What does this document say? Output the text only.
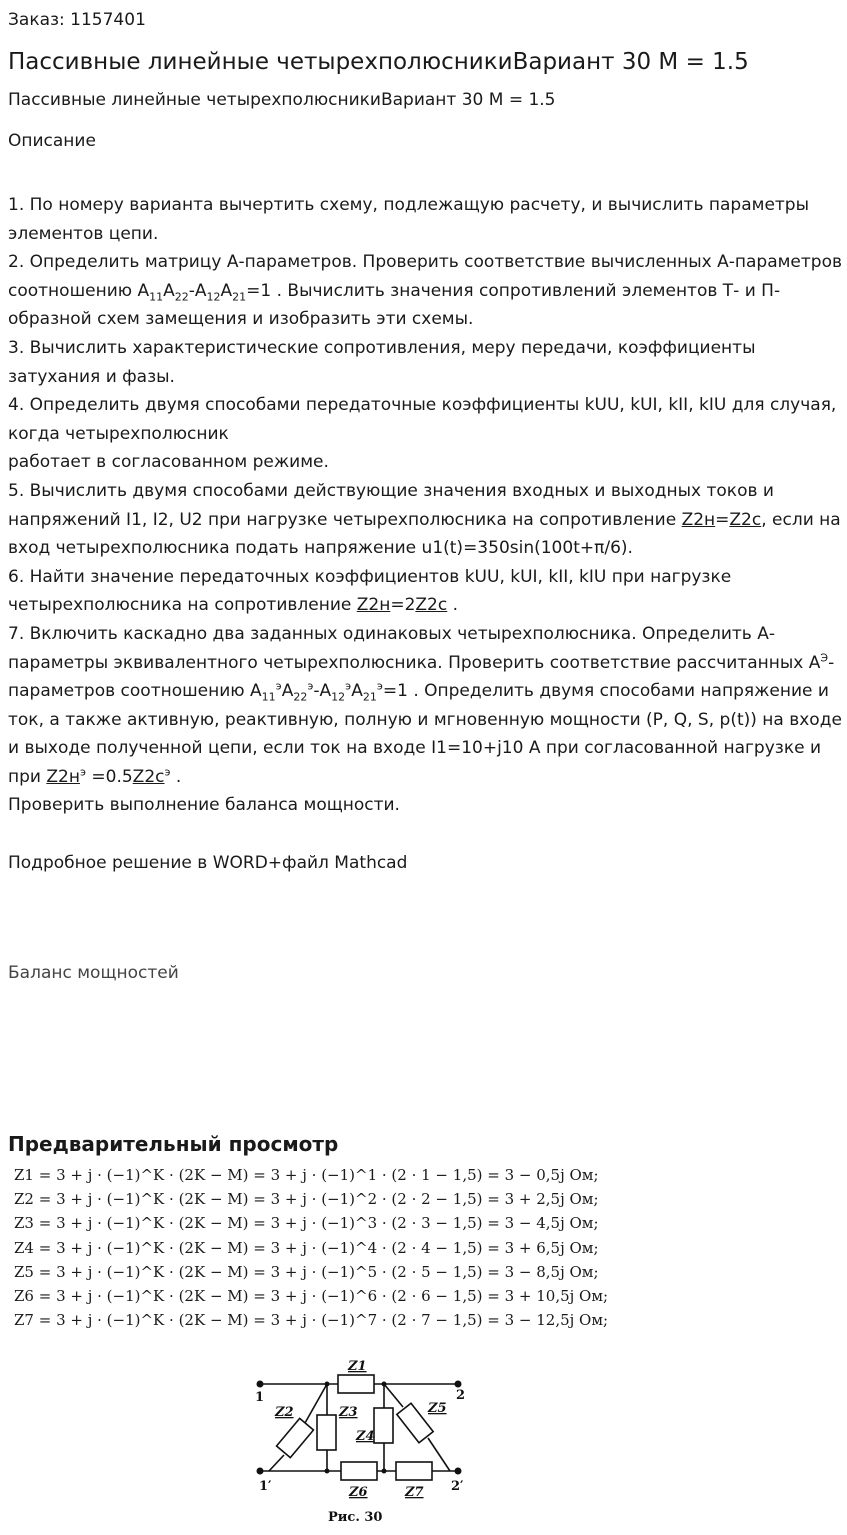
Заказ: 1157401
Пассивные линейные четырехполюсникиВариант 30 М = 1.5
Пассивные линейные четырехполюсникиВариант 30 М = 1.5
Описание

1. По номеру варианта вычертить схему, подлежащую расчету, и вычислить параметры элементов цепи.

2. Определить матрицу А-параметров. Проверить соответствие вычисленных А-параметров соотношению $А_{11}А_{22}-А_{12}А_{21}=1$ . Вычислить значения сопротивлений элементов Т- и П-образной схем замещения и изобразить эти схемы.

3. Вычислить характеристические сопротивления, меру передачи, коэффициенты затухания и фазы.

4. Определить двумя способами передаточные коэффициенты kUU, kUI, kII, kIU для случая, когда четырехполюсник

работает в согласованном режиме.

5. Вычислить двумя способами действующие значения входных и выходных токов и напряжений I1, I2, U2 при нагрузке четырехполюсника на сопротивление Z2н=Z2c, если на вход четырехполюсника подать напряжение u1(t)=350sin(100t+π/6).

6. Найти значение передаточных коэффициентов kUU, kUI, kII, kIU при нагрузке четырехполюсника на сопротивление Z2н=2Z2c .

7. Включить каскадно два заданных одинаковых четырехполюсника. Определить А-параметры эквивалентного четырехполюсника. Проверить соответствие рассчитанных $А^Э$-параметров соотношению $А_{11}^эА_{22}^э-А_{12}^эА_{21}^э=1$ . Определить двумя способами напряжение и ток, а также активную, реактивную, полную и мгновенную мощности (P, Q, S, p(t)) на входе и выходе полученной цепи, если ток на входе I1=10+j10 А при согласованной нагрузке и при $Z2н^э =0.5Z2c^э$ .

Проверить выполнение баланса мощности.

Подробное решение в WORD+файл Mathcad

Баланс мощностей
Предварительный просмотр
Z1 = 3 + j · (−1)^K · (2K − M) = 3 + j · (−1)^1 · (2 · 1 − 1,5) = 3 − 0,5j Ом;
Z2 = 3 + j · (−1)^K · (2K − M) = 3 + j · (−1)^2 · (2 · 2 − 1,5) = 3 + 2,5j Ом;
Z3 = 3 + j · (−1)^K · (2K − M) = 3 + j · (−1)^3 · (2 · 3 − 1,5) = 3 − 4,5j Ом;
Z4 = 3 + j · (−1)^K · (2K − M) = 3 + j · (−1)^4 · (2 · 4 − 1,5) = 3 + 6,5j Ом;
Z5 = 3 + j · (−1)^K · (2K − M) = 3 + j · (−1)^5 · (2 · 5 − 1,5) = 3 − 8,5j Ом;
Z6 = 3 + j · (−1)^K · (2K − M) = 3 + j · (−1)^6 · (2 · 6 − 1,5) = 3 + 10,5j Ом;
Z7 = 3 + j · (−1)^K · (2K − M) = 3 + j · (−1)^7 · (2 · 7 − 1,5) = 3 − 12,5j Ом;
1	2
1′	2′
Z1
Z2	Z3
Z4
Z5
Z6	Z7
Рис. 30
